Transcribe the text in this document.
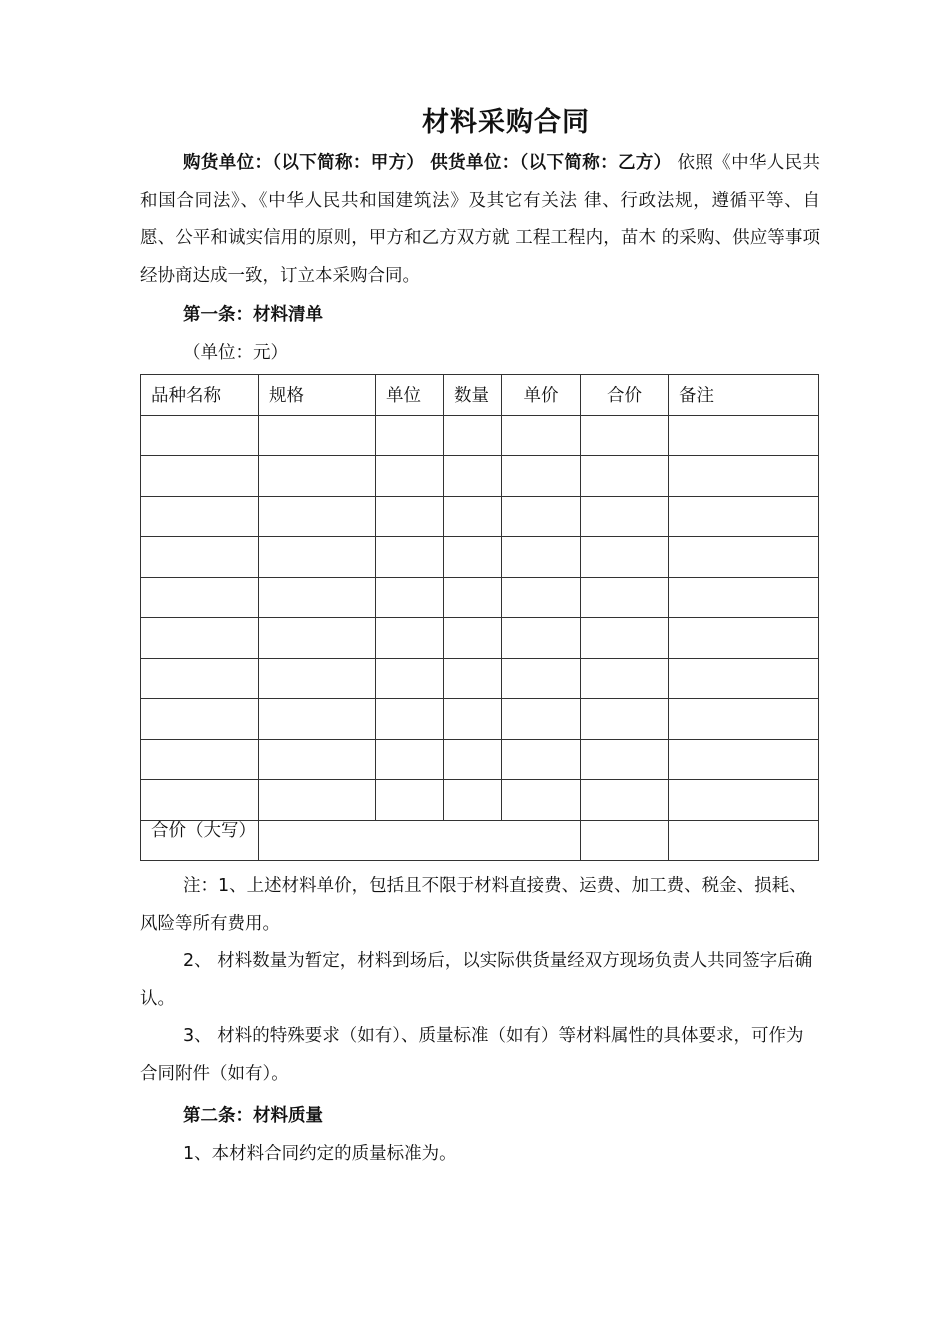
材料采购合同

购货单位：（以下简称：甲方） 供货单位：（以下简称：乙方） 依照《中华人民共和国合同法》、《中华人民共和国建筑法》及其它有关法 律、行政法规，遵循平等、自愿、公平和诚实信用的原则，甲方和乙方双方就 工程工程内，苗木 的采购、供应等事项经协商达成一致，订立本采购合同。

第一条：材料清单
（单位：元）
品种名称	规格	单位	数量	单价	合价	备注

合价（大写）						

注：1、上述材料单价，包括且不限于材料直接费、运费、加工费、税金、损耗、风险等所有费用。

2、 材料数量为暂定，材料到场后，以实际供货量经双方现场负责人共同签字后确认。

3、 材料的特殊要求（如有）、质量标准（如有）等材料属性的具体要求，可作为合同附件（如有）。

第二条：材料质量
1、本材料合同约定的质量标准为。
